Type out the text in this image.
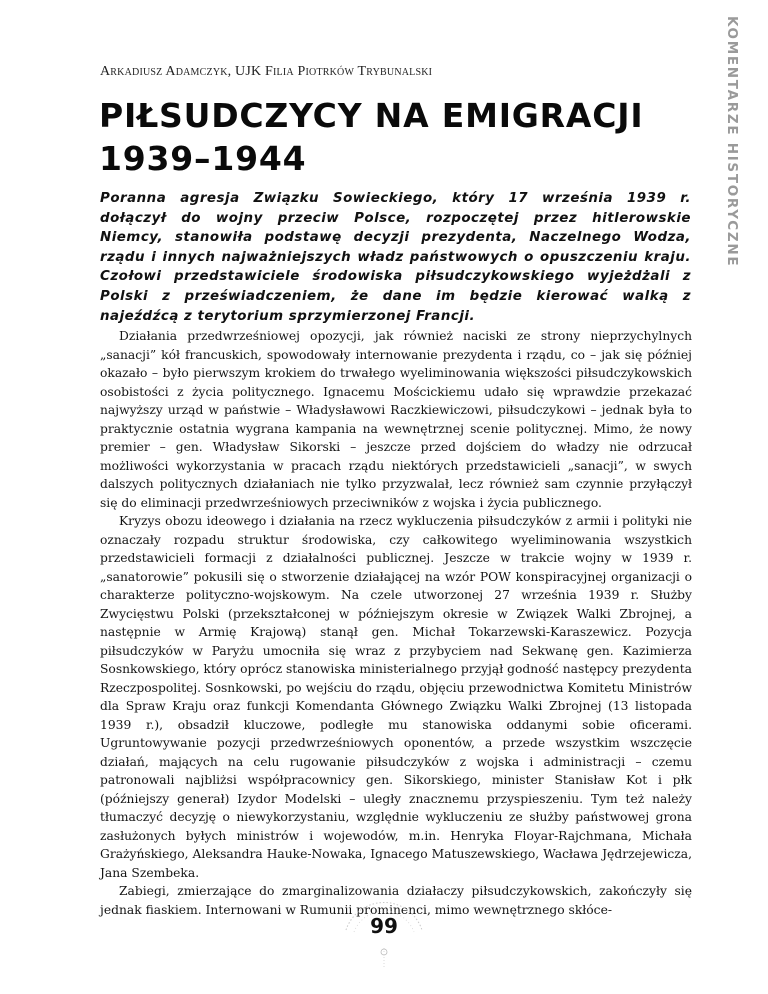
Arkadiusz Adamczyk, UJK Filia Piotrków Trybunalski	KOMENTARZE HISTORYCZNE
PIŁSUDCZYCY NA EMIGRACJI
1939–1944

Poranna agresja Związku Sowieckiego, który 17 września 1939 r. dołączył do wojny przeciw Polsce, rozpoczętej przez hitlerowskie Niemcy, stanowiła podstawę decyzji prezydenta, Naczelnego Wodza, rządu i innych najważniejszych władz państwowych o opuszczeniu kraju. Czołowi przedstawiciele środowiska piłsudczykowskiego wyjeżdżali z Polski z przeświadczeniem, że dane im będzie kierować walką z najeźdźcą z terytorium sprzymierzonej Francji.

Działania przedwrześniowej opozycji, jak również naciski ze strony nieprzychylnych „sanacji” kół francuskich, spowodowały internowanie prezydenta i rządu, co – jak się później okazało – było pierwszym krokiem do trwałego wyeliminowania większości piłsudczykowskich osobistości z życia politycznego. Ignacemu Mościckiemu udało się wprawdzie przekazać najwyższy urząd w państwie – Władysławowi Raczkiewiczowi, piłsudczykowi – jednak była to praktycznie ostatnia wygrana kampania na wewnętrznej scenie politycznej. Mimo, że nowy premier – gen. Władysław Sikorski – jeszcze przed dojściem do władzy nie odrzucał możliwości wykorzystania w pracach rządu niektórych przedstawicieli „sanacji”, w swych dalszych politycznych działaniach nie tylko przyzwalał, lecz również sam czynnie przyłączył się do eliminacji przedwrześniowych przeciwników z wojska i życia publicznego.

Kryzys obozu ideowego i działania na rzecz wykluczenia piłsudczyków z armii i polityki nie oznaczały rozpadu struktur środowiska, czy całkowitego wyeliminowania wszystkich przedstawicieli formacji z działalności publicznej. Jeszcze w trakcie wojny w 1939 r. „sanatorowie” pokusili się o stworzenie działającej na wzór POW konspiracyjnej organizacji o charakterze polityczno-wojskowym. Na czele utworzonej 27 września 1939 r. Służby Zwycięstwu Polski (przekształconej w późniejszym okresie w Związek Walki Zbrojnej, a następnie w Armię Krajową) stanął gen. Michał Tokarzewski-Karaszewicz. Pozycja piłsudczyków w Paryżu umocniła się wraz z przybyciem nad Sekwanę gen. Kazimierza Sosnkowskiego, który oprócz stanowiska ministerialnego przyjął godność następcy prezydenta Rzeczpospolitej. Sosnkowski, po wejściu do rządu, objęciu przewodnictwa Komitetu Ministrów dla Spraw Kraju oraz funkcji Komendanta Głównego Związku Walki Zbrojnej (13 listopada 1939 r.), obsadził kluczowe, podległe mu stanowiska oddanymi sobie oficerami. Ugruntowywanie pozycji przedwrześniowych oponentów, a przede wszystkim wszczęcie działań, mających na celu rugowanie piłsudczyków z wojska i administracji – czemu patronowali najbliżsi współpracownicy gen. Sikorskiego, minister Stanisław Kot i płk (późniejszy generał) Izydor Modelski – uległy znacznemu przyspieszeniu. Tym też należy tłumaczyć decyzję o niewykorzystaniu, względnie wykluczeniu ze służby państwowej grona zasłużonych byłych ministrów i wojewodów, m.in. Henryka Floyar-Rajchmana, Michała Grażyńskiego, Aleksandra Hauke-Nowaka, Ignacego Matuszewskiego, Wacława Jędrzejewicza, Jana Szembeka.

Zabiegi, zmierzające do zmarginalizowania działaczy piłsudczykowskich, zakończyły się jednak fiaskiem. Internowani w Rumunii prominenci, mimo wewnętrznego skłóce-

99
